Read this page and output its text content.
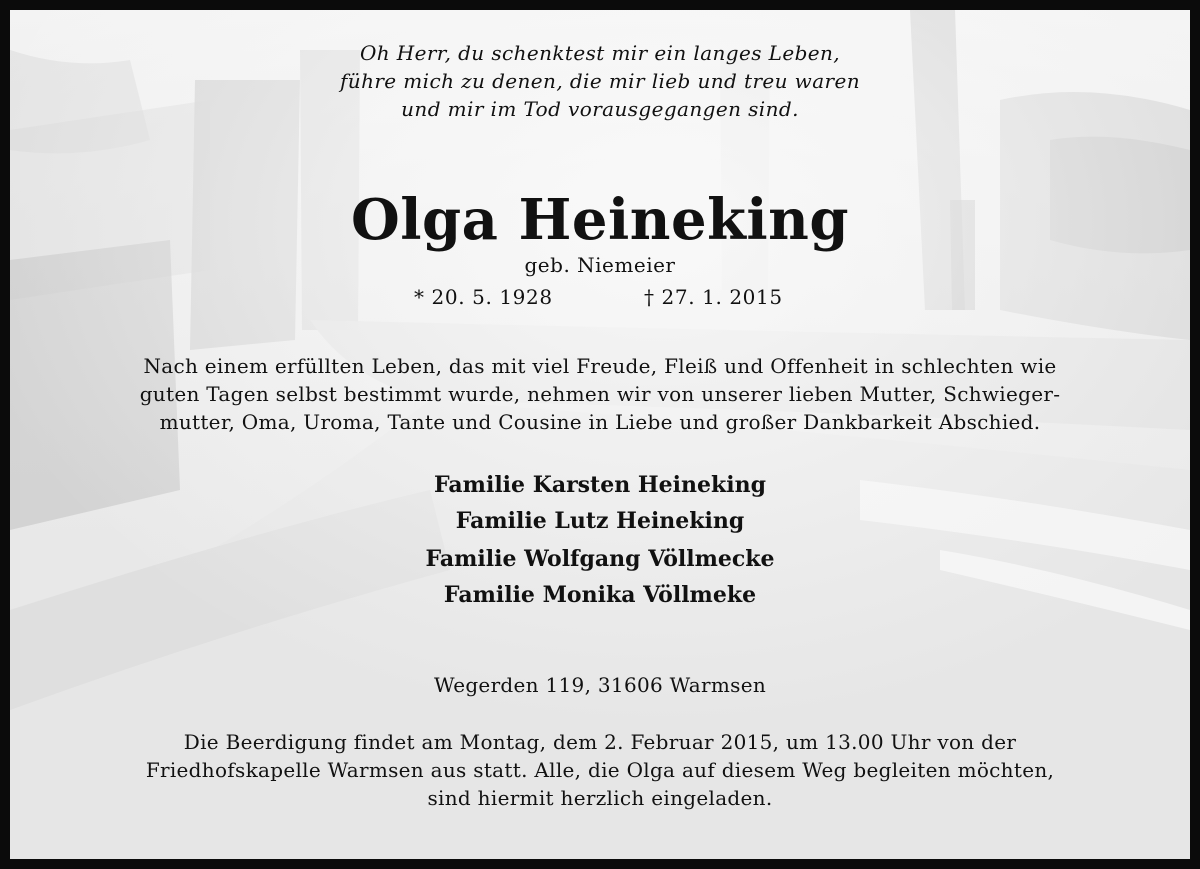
Oh Herr, du schenktest mir ein langes Leben,
führe mich zu denen, die mir lieb und treu waren
und mir im Tod vorausgegangen sind.
Olga Heineking
geb. Niemeier
* 20. 5. 1928	† 27. 1. 2015
Nach einem erfüllten Leben, das mit viel Freude, Fleiß und Offenheit in schlechten wie
guten Tagen selbst bestimmt wurde, nehmen wir von unserer lieben Mutter, Schwieger-
mutter, Oma, Uroma, Tante und Cousine in Liebe und großer Dankbarkeit Abschied.
Familie Karsten Heineking
Familie Lutz Heineking
Familie Wolfgang Völlmecke
Familie Monika Völlmeke
Wegerden 119, 31606 Warmsen
Die Beerdigung findet am Montag, dem 2. Februar 2015, um 13.00 Uhr von der
Friedhofskapelle Warmsen aus statt. Alle, die Olga auf diesem Weg begleiten möchten,
sind hiermit herzlich eingeladen.
